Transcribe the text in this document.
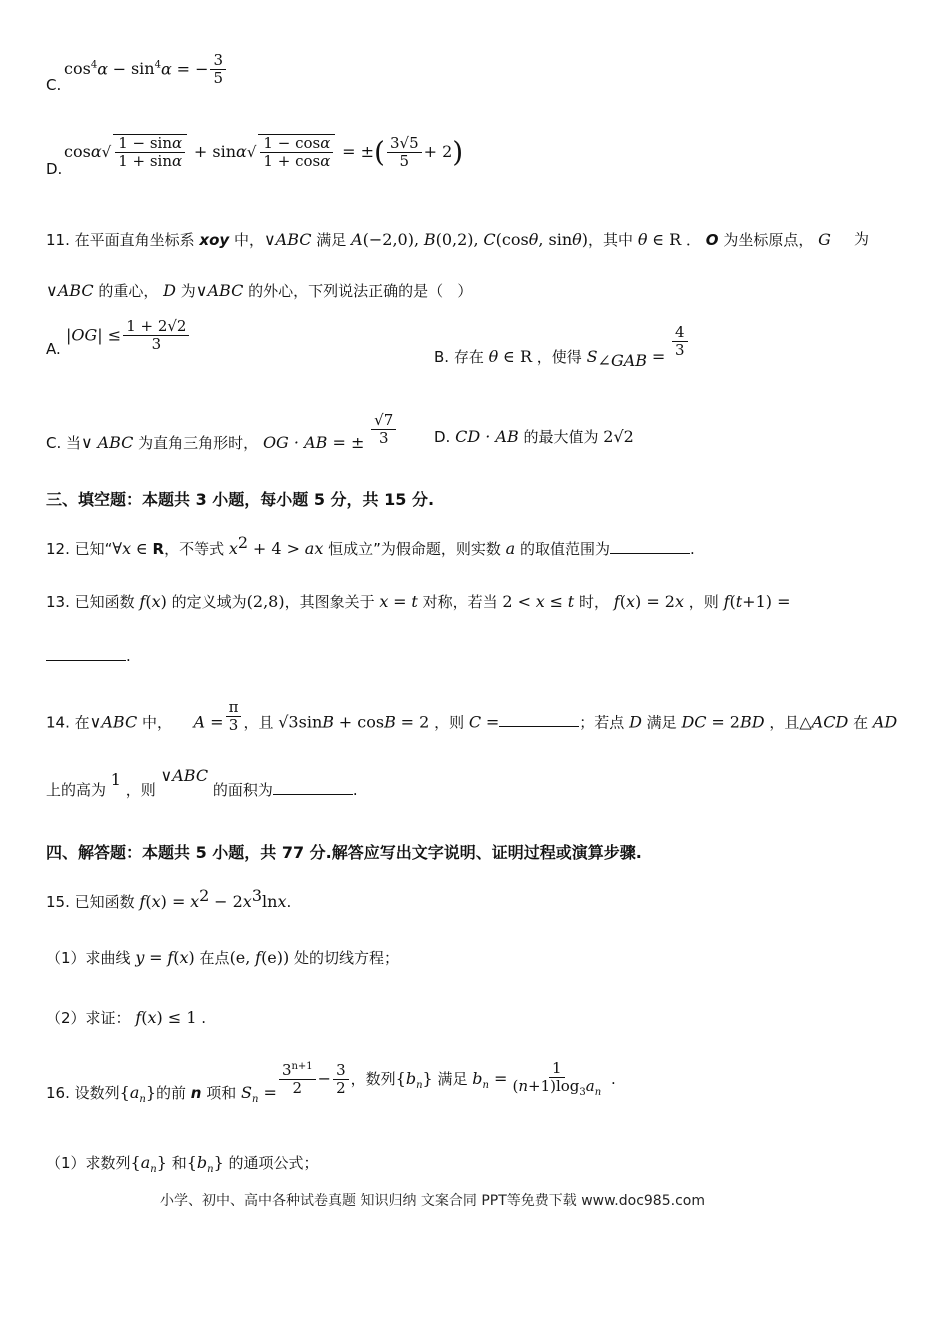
C.
$\cos^4\alpha - \sin^4\alpha$ = − $\frac{3}{5}$
D.
$\cos\alpha√ \frac{1 - \sin\alpha}{1 + \sin\alpha} + \sin\alpha√ \frac{1 - \cos\alpha}{1 + \cos\alpha}$ = ±( $\frac{3√5}{5} + 2$)
11. 在平面直角坐标系 xoy 中，∨ABC 满足 A(−2,0), B(0,2), C(cosθ, sinθ)，其中 θ ∈ R ． O 为坐标原点， G 为
∨ABC 的重心， D 为∨ABC 的外心，下列说法正确的是（   ）
A.
$|OG| \le \frac{1 + 2√2}{3}$
B. 存在 θ ∈ R ，使得 $S_{\angle GAB} = \frac{4}{3}$
C. 当∨ ABC 为直角三角形时， OG · AB = ± $\frac{√7}{3}$	D. CD · AB 的最大值为 2√2
三、填空题：本题共 3 小题，每小题 5 分，共 15 分.
12. 已知“∀x ∈ R，不等式 $x^2 + 4$ > ax 恒成立”为假命题，则实数 a 的取值范围为	.
13. 已知函数 f(x) 的定义域为(2,8)，其图象关于 x = t 对称，若当 2 < x ≤ t 时， f(x) = 2x ，则 f(t+1) =
.
14. 在∨ABC 中，  $A = \frac{\pi}{3}$ ，且 √3sinB + cosB = 2 ，则 C =	；若点 D 满足 DC = 2BD ，且△ACD 在 AD
上的高为 1 ，则 ∨ABC 的面积为	.
四、解答题：本题共 5 小题，共 77 分.解答应写出文字说明、证明过程或演算步骤.
15. 已知函数 $f(x) = x^2 - 2x^3\ln x$.
（1）求曲线 y = f(x) 在点(e, f(e)) 处的切线方程；
（2）求证： f(x) ≤ 1 .
16. 设数列$\{a_n\}$的前 n 项和 $S_n = \frac{3^{n+1}}{2} - \frac{3}{2}$ ，数列$\{b_n\}$ 满足 $b_n = \frac{1}{(n+1)\log_3a_n}$ .
（1）求数列$\{a_n\}$ 和$\{b_n\}$ 的通项公式；
小学、初中、高中各种试卷真题 知识归纳 文案合同 PPT等免费下载 www.doc985.com
